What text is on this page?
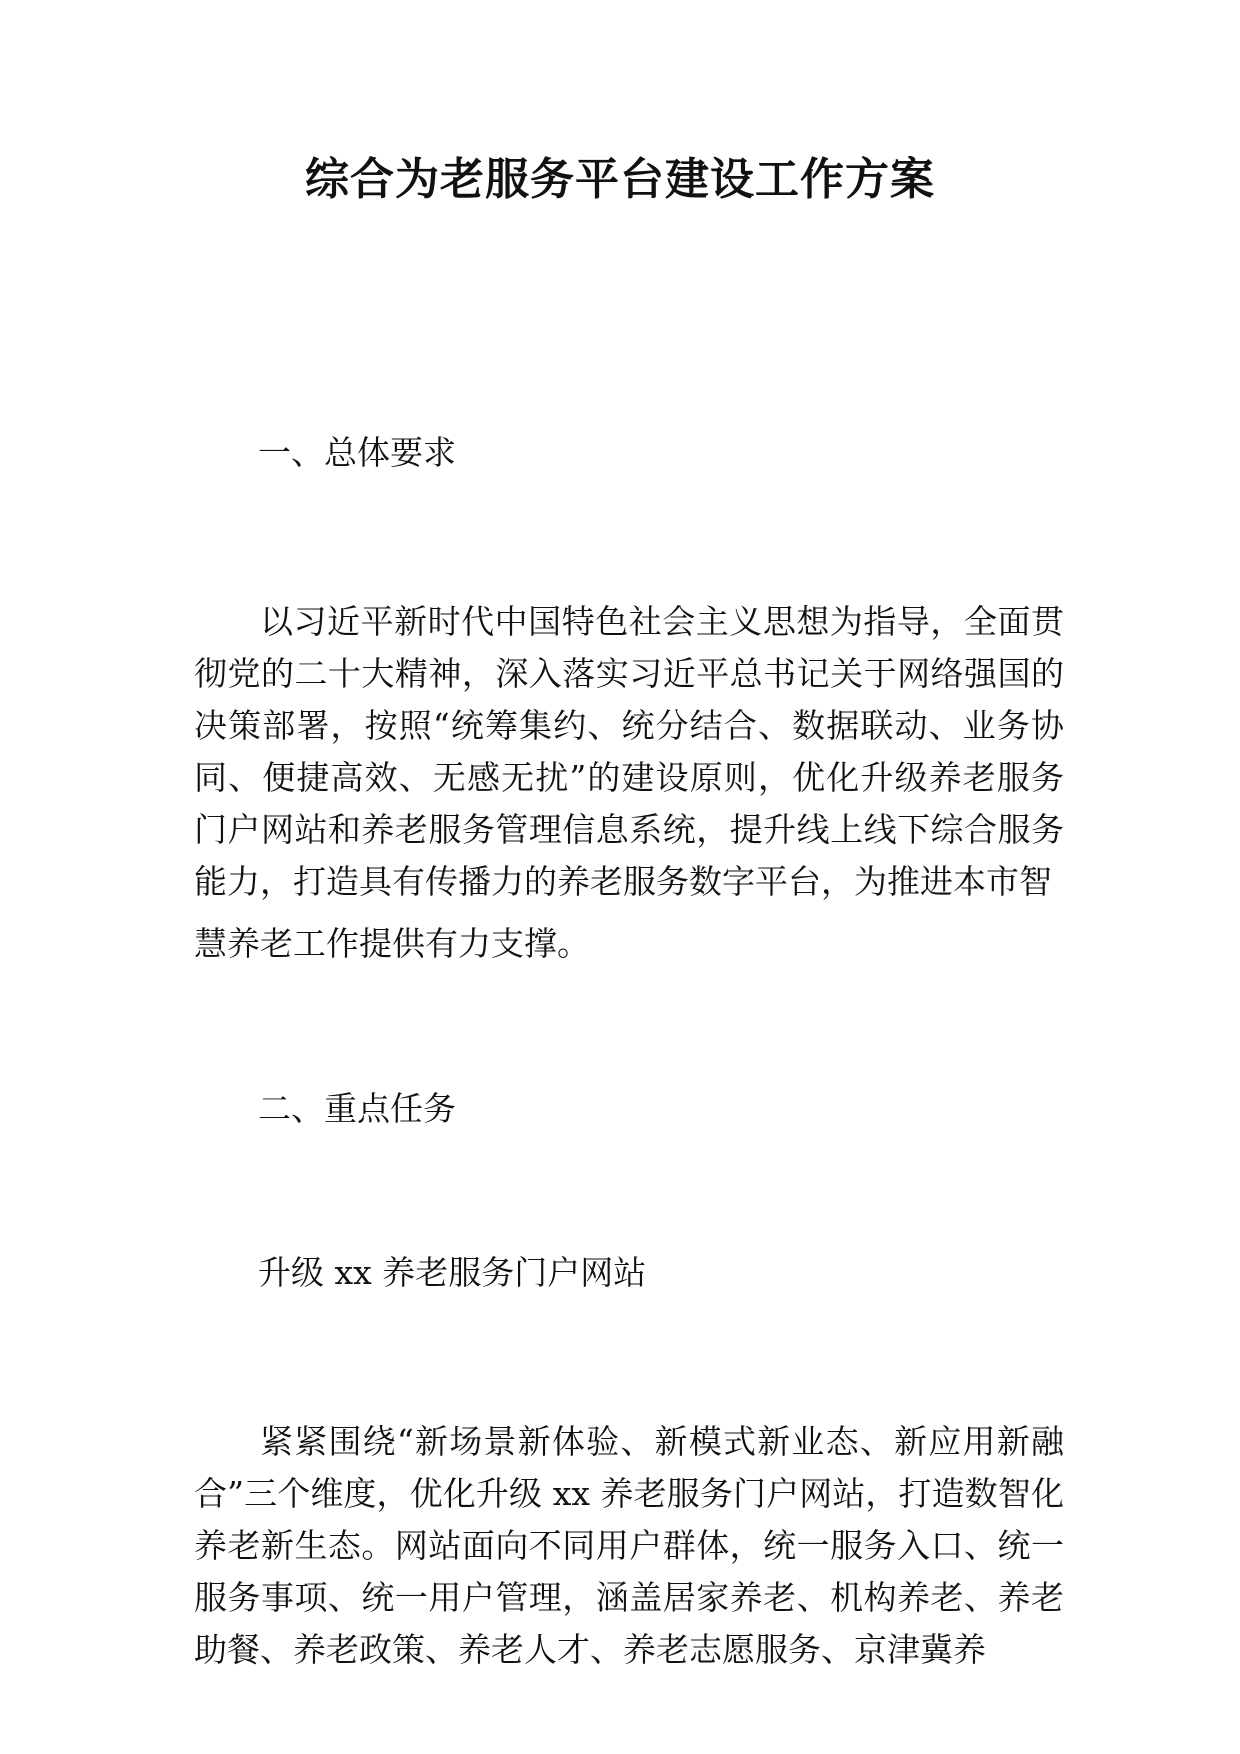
综合为老服务平台建设工作方案

一、总体要求

以习近平新时代中国特色社会主义思想为指导，全面贯彻党的二十大精神，深入落实习近平总书记关于网络强国的决策部署，按照“统筹集约、统分结合、数据联动、业务协同、便捷高效、无感无扰”的建设原则，优化升级养老服务门户网站和养老服务管理信息系统，提升线上线下综合服务能力，打造具有传播力的养老服务数字平台，为推进本市智
慧养老工作提供有力支撑。

二、重点任务

升级 xx 养老服务门户网站

紧紧围绕“新场景新体验、新模式新业态、新应用新融合”三个维度，优化升级 xx 养老服务门户网站，打造数智化养老新生态。网站面向不同用户群体，统一服务入口、统一服务事项、统一用户管理，涵盖居家养老、机构养老、养老助餐、养老政策、养老人才、养老志愿服务、京津冀养
